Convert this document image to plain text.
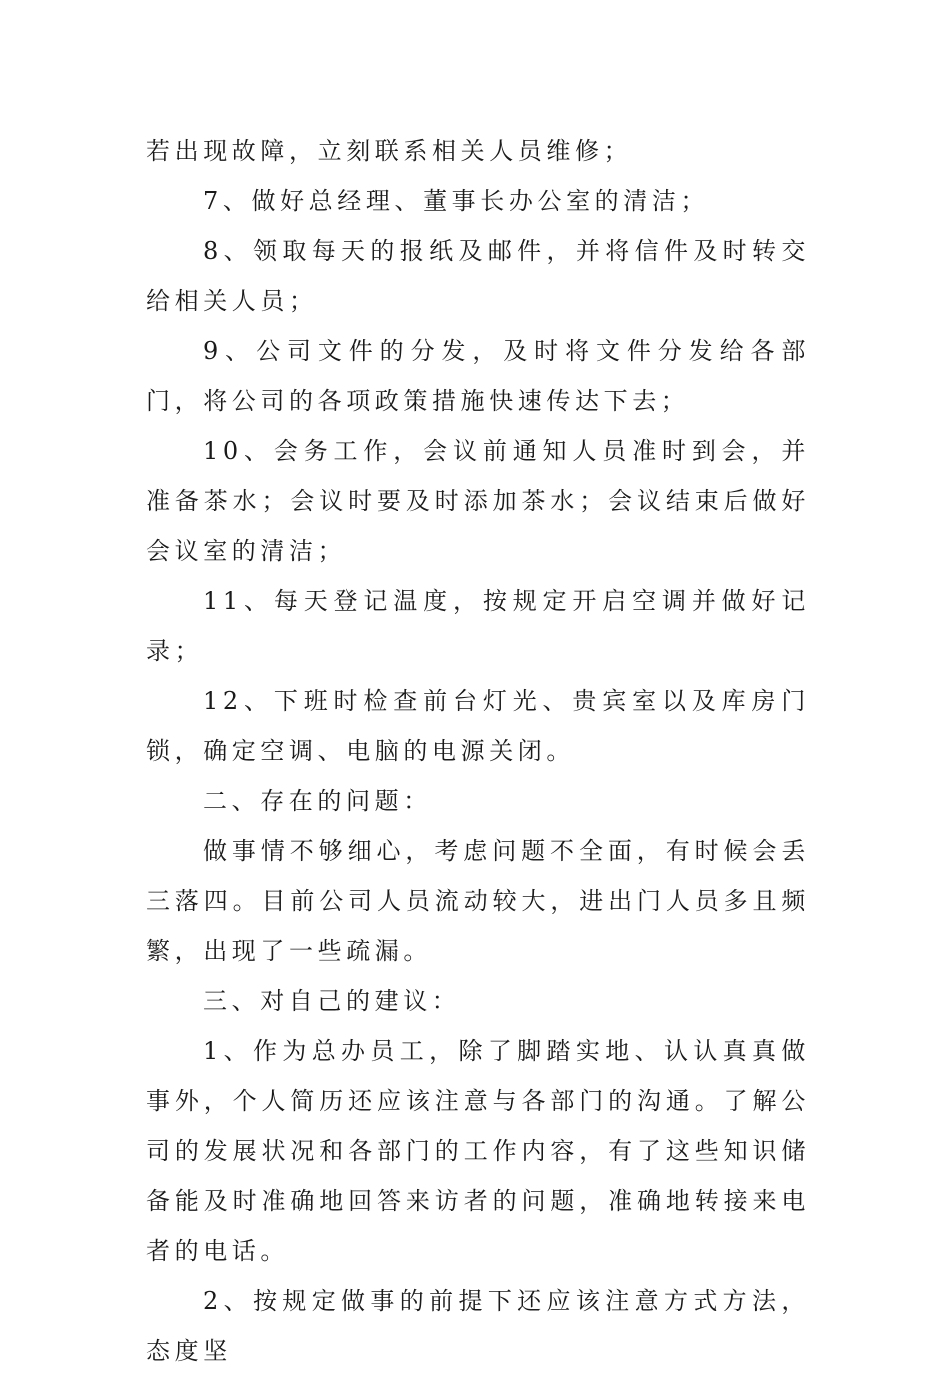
若出现故障，立刻联系相关人员维修；

7、做好总经理、董事长办公室的清洁；

8、领取每天的报纸及邮件，并将信件及时转交给相关人员；

9、公司文件的分发，及时将文件分发给各部门，将公司的各项政策措施快速传达下去；

10、会务工作，会议前通知人员准时到会，并准备茶水；会议时要及时添加茶水；会议结束后做好会议室的清洁；

11、每天登记温度，按规定开启空调并做好记录；

12、下班时检查前台灯光、贵宾室以及库房门锁，确定空调、电脑的电源关闭。

二、存在的问题：

做事情不够细心，考虑问题不全面，有时候会丢三落四。目前公司人员流动较大，进出门人员多且频繁，出现了一些疏漏。

三、对自己的建议：

1、作为总办员工，除了脚踏实地、认认真真做事外，个人简历还应该注意与各部门的沟通。了解公司的发展状况和各部门的工作内容，有了这些知识储备能及时准确地回答来访者的问题，准确地转接来电者的电话。

2、按规定做事的前提下还应该注意方式方法，态度坚
